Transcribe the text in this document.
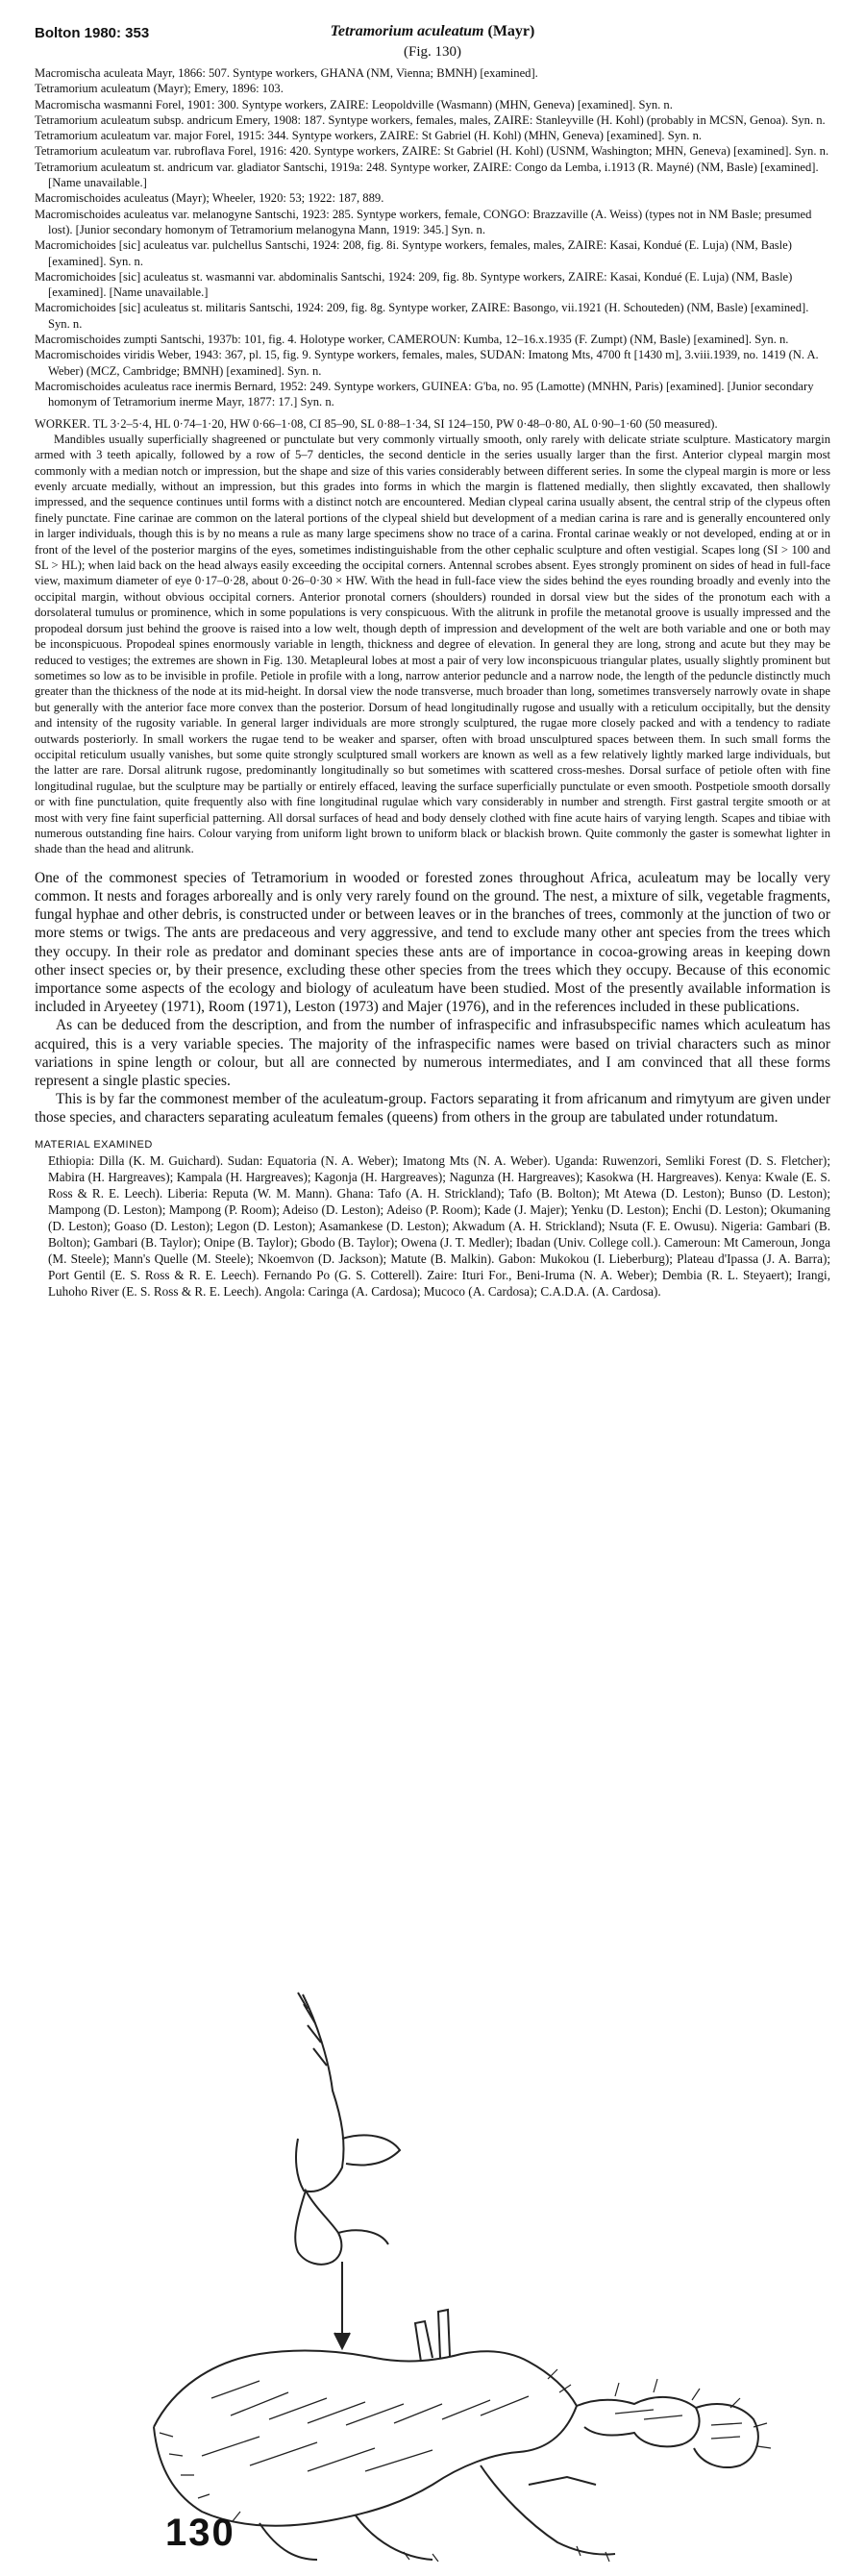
Bolton 1980: 353	Tetramorium aculeatum (Mayr)
(Fig. 130)

Macromischa aculeata Mayr, 1866: 507. Syntype workers, GHANA (NM, Vienna; BMNH) [examined].

Tetramorium aculeatum (Mayr); Emery, 1896: 103.

Macromischa wasmanni Forel, 1901: 300. Syntype workers, ZAIRE: Leopoldville (Wasmann) (MHN, Geneva) [examined]. Syn. n.

Tetramorium aculeatum subsp. andricum Emery, 1908: 187. Syntype workers, females, males, ZAIRE: Stanleyville (H. Kohl) (probably in MCSN, Genoa). Syn. n.

Tetramorium aculeatum var. major Forel, 1915: 344. Syntype workers, ZAIRE: St Gabriel (H. Kohl) (MHN, Geneva) [examined]. Syn. n.

Tetramorium aculeatum var. rubroflava Forel, 1916: 420. Syntype workers, ZAIRE: St Gabriel (H. Kohl) (USNM, Washington; MHN, Geneva) [examined]. Syn. n.

Tetramorium aculeatum st. andricum var. gladiator Santschi, 1919a: 248. Syntype worker, ZAIRE: Congo da Lemba, i.1913 (R. Mayné) (NM, Basle) [examined]. [Name unavailable.]

Macromischoides aculeatus (Mayr); Wheeler, 1920: 53; 1922: 187, 889.

Macromischoides aculeatus var. melanogyne Santschi, 1923: 285. Syntype workers, female, CONGO: Brazzaville (A. Weiss) (types not in NM Basle; presumed lost). [Junior secondary homonym of Tetramorium melanogyna Mann, 1919: 345.] Syn. n.

Macromichoides [sic] aculeatus var. pulchellus Santschi, 1924: 208, fig. 8i. Syntype workers, females, males, ZAIRE: Kasai, Kondué (E. Luja) (NM, Basle) [examined]. Syn. n.

Macromichoides [sic] aculeatus st. wasmanni var. abdominalis Santschi, 1924: 209, fig. 8b. Syntype workers, ZAIRE: Kasai, Kondué (E. Luja) (NM, Basle) [examined]. [Name unavailable.]

Macromichoides [sic] aculeatus st. militaris Santschi, 1924: 209, fig. 8g. Syntype worker, ZAIRE: Basongo, vii.1921 (H. Schouteden) (NM, Basle) [examined]. Syn. n.

Macromischoides zumpti Santschi, 1937b: 101, fig. 4. Holotype worker, CAMEROUN: Kumba, 12–16.x.1935 (F. Zumpt) (NM, Basle) [examined]. Syn. n.

Macromischoides viridis Weber, 1943: 367, pl. 15, fig. 9. Syntype workers, females, males, SUDAN: Imatong Mts, 4700 ft [1430 m], 3.viii.1939, no. 1419 (N. A. Weber) (MCZ, Cambridge; BMNH) [examined]. Syn. n.

Macromischoides aculeatus race inermis Bernard, 1952: 249. Syntype workers, GUINEA: G'ba, no. 95 (Lamotte) (MNHN, Paris) [examined]. [Junior secondary homonym of Tetramorium inerme Mayr, 1877: 17.] Syn. n.

WORKER. TL 3·2–5·4, HL 0·74–1·20, HW 0·66–1·08, CI 85–90, SL 0·88–1·34, SI 124–150, PW 0·48–0·80, AL 0·90–1·60 (50 measured).

Mandibles usually superficially shagreened or punctulate but very commonly virtually smooth, only rarely with delicate striate sculpture. Masticatory margin armed with 3 teeth apically, followed by a row of 5–7 denticles, the second denticle in the series usually larger than the first. Anterior clypeal margin most commonly with a median notch or impression, but the shape and size of this varies considerably between different series. In some the clypeal margin is more or less evenly arcuate medially, without an impression, but this grades into forms in which the margin is flattened medially, then slightly excavated, then shallowly impressed, and the sequence continues until forms with a distinct notch are encountered. Median clypeal carina usually absent, the central strip of the clypeus often finely punctate. Fine carinae are common on the lateral portions of the clypeal shield but development of a median carina is rare and is generally encountered only in larger individuals, though this is by no means a rule as many large specimens show no trace of a carina. Frontal carinae weakly or not developed, ending at or in front of the level of the posterior margins of the eyes, sometimes indistinguishable from the other cephalic sculpture and often vestigial. Scapes long (SI > 100 and SL > HL); when laid back on the head always easily exceeding the occipital corners. Antennal scrobes absent. Eyes strongly prominent on sides of head in full-face view, maximum diameter of eye 0·17–0·28, about 0·26–0·30 × HW. With the head in full-face view the sides behind the eyes rounding broadly and evenly into the occipital margin, without obvious occipital corners. Anterior pronotal corners (shoulders) rounded in dorsal view but the sides of the pronotum each with a dorsolateral tumulus or prominence, which in some populations is very conspicuous. With the alitrunk in profile the metanotal groove is usually impressed and the propodeal dorsum just behind the groove is raised into a low welt, though depth of impression and development of the welt are both variable and one or both may be inconspicuous. Propodeal spines enormously variable in length, thickness and degree of elevation. In general they are long, strong and acute but they may be reduced to vestiges; the extremes are shown in Fig. 130. Metapleural lobes at most a pair of very low inconspicuous triangular plates, usually slightly prominent but sometimes so low as to be invisible in profile. Petiole in profile with a long, narrow anterior peduncle and a narrow node, the length of the peduncle distinctly much greater than the thickness of the node at its mid-height. In dorsal view the node transverse, much broader than long, sometimes transversely narrowly ovate in shape but generally with the anterior face more convex than the posterior. Dorsum of head longitudinally rugose and usually with a reticulum occipitally, but the density and intensity of the rugosity variable. In general larger individuals are more strongly sculptured, the rugae more closely packed and with a tendency to radiate outwards posteriorly. In small workers the rugae tend to be weaker and sparser, often with broad unsculptured spaces between them. In such small forms the occipital reticulum usually vanishes, but some quite strongly sculptured small workers are known as well as a few relatively lightly marked large individuals, but the latter are rare. Dorsal alitrunk rugose, predominantly longitudinally so but sometimes with scattered cross-meshes. Dorsal surface of petiole often with fine longitudinal rugulae, but the sculpture may be partially or entirely effaced, leaving the surface superficially punctulate or even smooth. Postpetiole smooth dorsally or with fine punctulation, quite frequently also with fine longitudinal rugulae which vary considerably in number and strength. First gastral tergite smooth or at most with very fine faint superficial patterning. All dorsal surfaces of head and body densely clothed with fine acute hairs of varying length. Scapes and tibiae with numerous outstanding fine hairs. Colour varying from uniform light brown to uniform black or blackish brown. Quite commonly the gaster is somewhat lighter in shade than the head and alitrunk.

One of the commonest species of Tetramorium in wooded or forested zones throughout Africa, aculeatum may be locally very common. It nests and forages arboreally and is only very rarely found on the ground. The nest, a mixture of silk, vegetable fragments, fungal hyphae and other debris, is constructed under or between leaves or in the branches of trees, commonly at the junction of two or more stems or twigs. The ants are predaceous and very aggressive, and tend to exclude many other ant species from the trees which they occupy. In their role as predator and dominant species these ants are of importance in cocoa-growing areas in keeping down other insect species or, by their presence, excluding these other species from the trees which they occupy. Because of this economic importance some aspects of the ecology and biology of aculeatum have been studied. Most of the presently available information is included in Aryeetey (1971), Room (1971), Leston (1973) and Majer (1976), and in the references included in these publications.

As can be deduced from the description, and from the number of infraspecific and infrasubspecific names which aculeatum has acquired, this is a very variable species. The majority of the infraspecific names were based on trivial characters such as minor variations in spine length or colour, but all are connected by numerous intermediates, and I am convinced that all these forms represent a single plastic species.

This is by far the commonest member of the aculeatum-group. Factors separating it from africanum and rimytyum are given under those species, and characters separating aculeatum females (queens) from others in the group are tabulated under rotundatum.

MATERIAL EXAMINED

Ethiopia: Dilla (K. M. Guichard). Sudan: Equatoria (N. A. Weber); Imatong Mts (N. A. Weber). Uganda: Ruwenzori, Semliki Forest (D. S. Fletcher); Mabira (H. Hargreaves); Kampala (H. Hargreaves); Kagonja (H. Hargreaves); Nagunza (H. Hargreaves); Kasokwa (H. Hargreaves). Kenya: Kwale (E. S. Ross & R. E. Leech). Liberia: Reputa (W. M. Mann). Ghana: Tafo (A. H. Strickland); Tafo (B. Bolton); Mt Atewa (D. Leston); Bunso (D. Leston); Mampong (D. Leston); Mampong (P. Room); Adeiso (D. Leston); Adeiso (P. Room); Kade (J. Majer); Yenku (D. Leston); Enchi (D. Leston); Okumaning (D. Leston); Goaso (D. Leston); Legon (D. Leston); Asamankese (D. Leston); Akwadum (A. H. Strickland); Nsuta (F. E. Owusu). Nigeria: Gambari (B. Bolton); Gambari (B. Taylor); Onipe (B. Taylor); Gbodo (B. Taylor); Owena (J. T. Medler); Ibadan (Univ. College coll.). Cameroun: Mt Cameroun, Jonga (M. Steele); Mann's Quelle (M. Steele); Nkoemvon (D. Jackson); Matute (B. Malkin). Gabon: Mukokou (I. Lieberburg); Plateau d'Ipassa (J. A. Barra); Port Gentil (E. S. Ross & R. E. Leech). Fernando Po (G. S. Cotterell). Zaire: Ituri For., Beni-Iruma (N. A. Weber); Dembia (R. L. Steyaert); Irangi, Luhoho River (E. S. Ross & R. E. Leech). Angola: Caringa (A. Cardosa); Mucoco (A. Cardosa); C.A.D.A. (A. Cardosa).

130
